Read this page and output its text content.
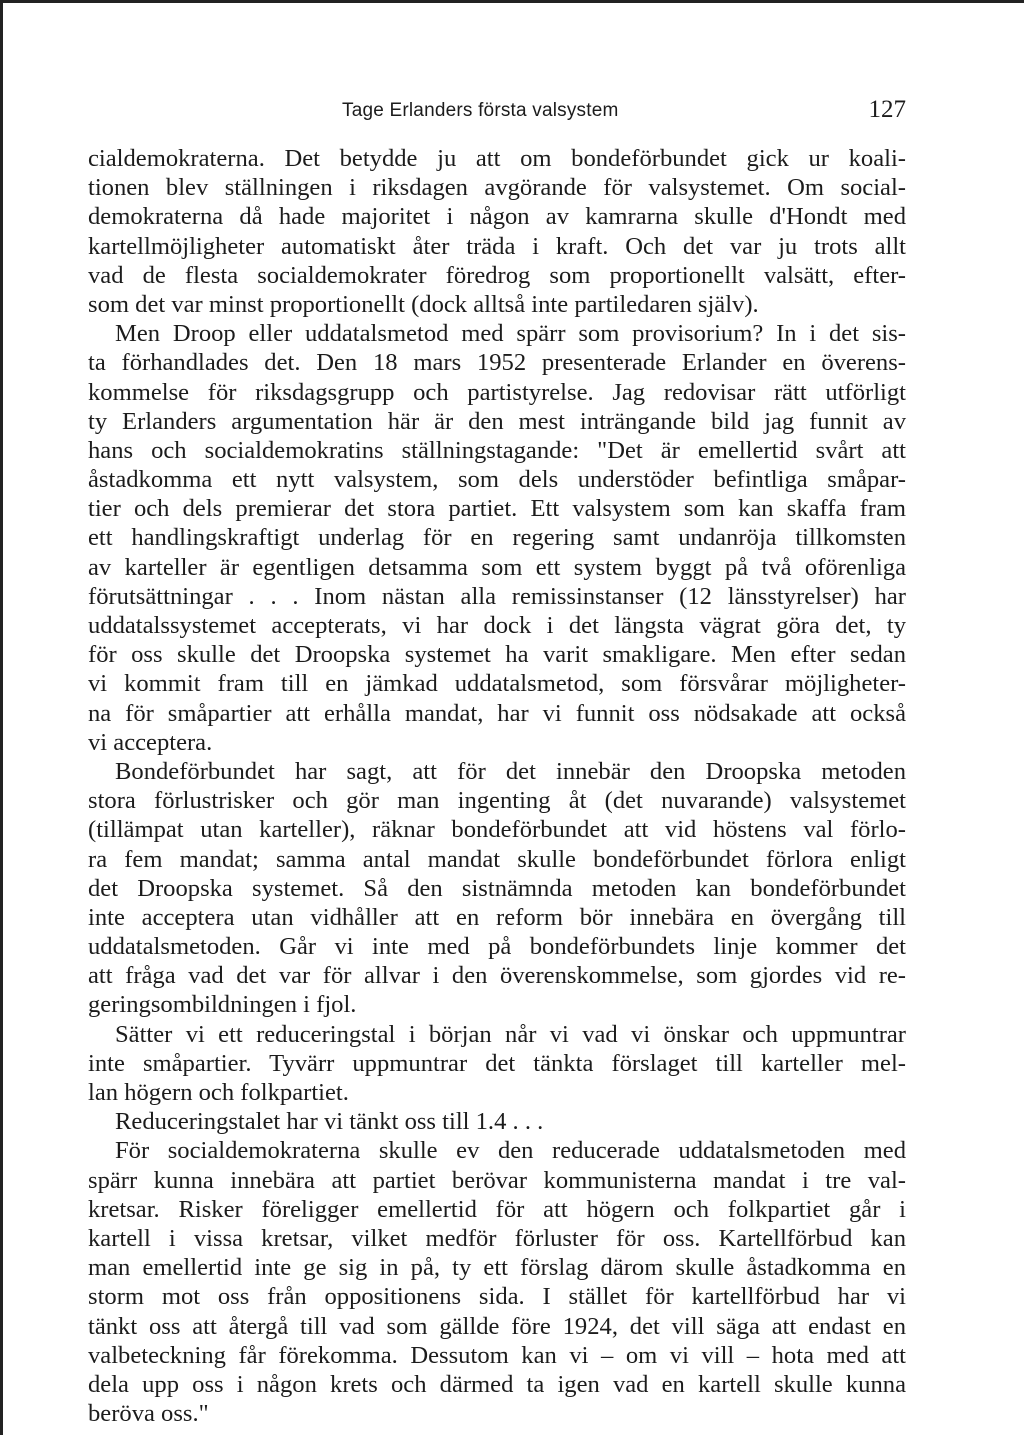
Tage Erlanders första valsystem	127
cialdemokraterna. Det betydde ju att om bondeförbundet gick ur koali-
tionen blev ställningen i riksdagen avgörande för valsystemet. Om social-
demokraterna då hade majoritet i någon av kamrarna skulle d'Hondt med
kartellmöjligheter automatiskt åter träda i kraft. Och det var ju trots allt
vad de flesta socialdemokrater föredrog som proportionellt valsätt, efter-
som det var minst proportionellt (dock alltså inte partiledaren själv).
Men Droop eller uddatalsmetod med spärr som provisorium? In i det sis-
ta förhandlades det. Den 18 mars 1952 presenterade Erlander en överens-
kommelse för riksdagsgrupp och partistyrelse. Jag redovisar rätt utförligt
ty Erlanders argumentation här är den mest inträngande bild jag funnit av
hans och socialdemokratins ställningstagande: "Det är emellertid svårt att
åstadkomma ett nytt valsystem, som dels understöder befintliga småpar-
tier och dels premierar det stora partiet. Ett valsystem som kan skaffa fram
ett handlingskraftigt underlag för en regering samt undanröja tillkomsten
av karteller är egentligen detsamma som ett system byggt på två oförenliga
förutsättningar . . . Inom nästan alla remissinstanser (12 länsstyrelser) har
uddatalssystemet accepterats, vi har dock i det längsta vägrat göra det, ty
för oss skulle det Droopska systemet ha varit smakligare. Men efter sedan
vi kommit fram till en jämkad uddatalsmetod, som försvårar möjligheter-
na för småpartier att erhålla mandat, har vi funnit oss nödsakade att också
vi acceptera.
Bondeförbundet har sagt, att för det innebär den Droopska metoden
stora förlustrisker och gör man ingenting åt (det nuvarande) valsystemet
(tillämpat utan karteller), räknar bondeförbundet att vid höstens val förlo-
ra fem mandat; samma antal mandat skulle bondeförbundet förlora enligt
det Droopska systemet. Så den sistnämnda metoden kan bondeförbundet
inte acceptera utan vidhåller att en reform bör innebära en övergång till
uddatalsmetoden. Går vi inte med på bondeförbundets linje kommer det
att fråga vad det var för allvar i den överenskommelse, som gjordes vid re-
geringsombildningen i fjol.
Sätter vi ett reduceringstal i början når vi vad vi önskar och uppmuntrar
inte småpartier. Tyvärr uppmuntrar det tänkta förslaget till karteller mel-
lan högern och folkpartiet.
Reduceringstalet har vi tänkt oss till 1.4 . . .
För socialdemokraterna skulle ev den reducerade uddatalsmetoden med
spärr kunna innebära att partiet berövar kommunisterna mandat i tre val-
kretsar. Risker föreligger emellertid för att högern och folkpartiet går i
kartell i vissa kretsar, vilket medför förluster för oss. Kartellförbud kan
man emellertid inte ge sig in på, ty ett förslag därom skulle åstadkomma en
storm mot oss från oppositionens sida. I stället för kartellförbud har vi
tänkt oss att återgå till vad som gällde före 1924, det vill säga att endast en
valbeteckning får förekomma. Dessutom kan vi – om vi vill – hota med att
dela upp oss i någon krets och därmed ta igen vad en kartell skulle kunna
beröva oss."
